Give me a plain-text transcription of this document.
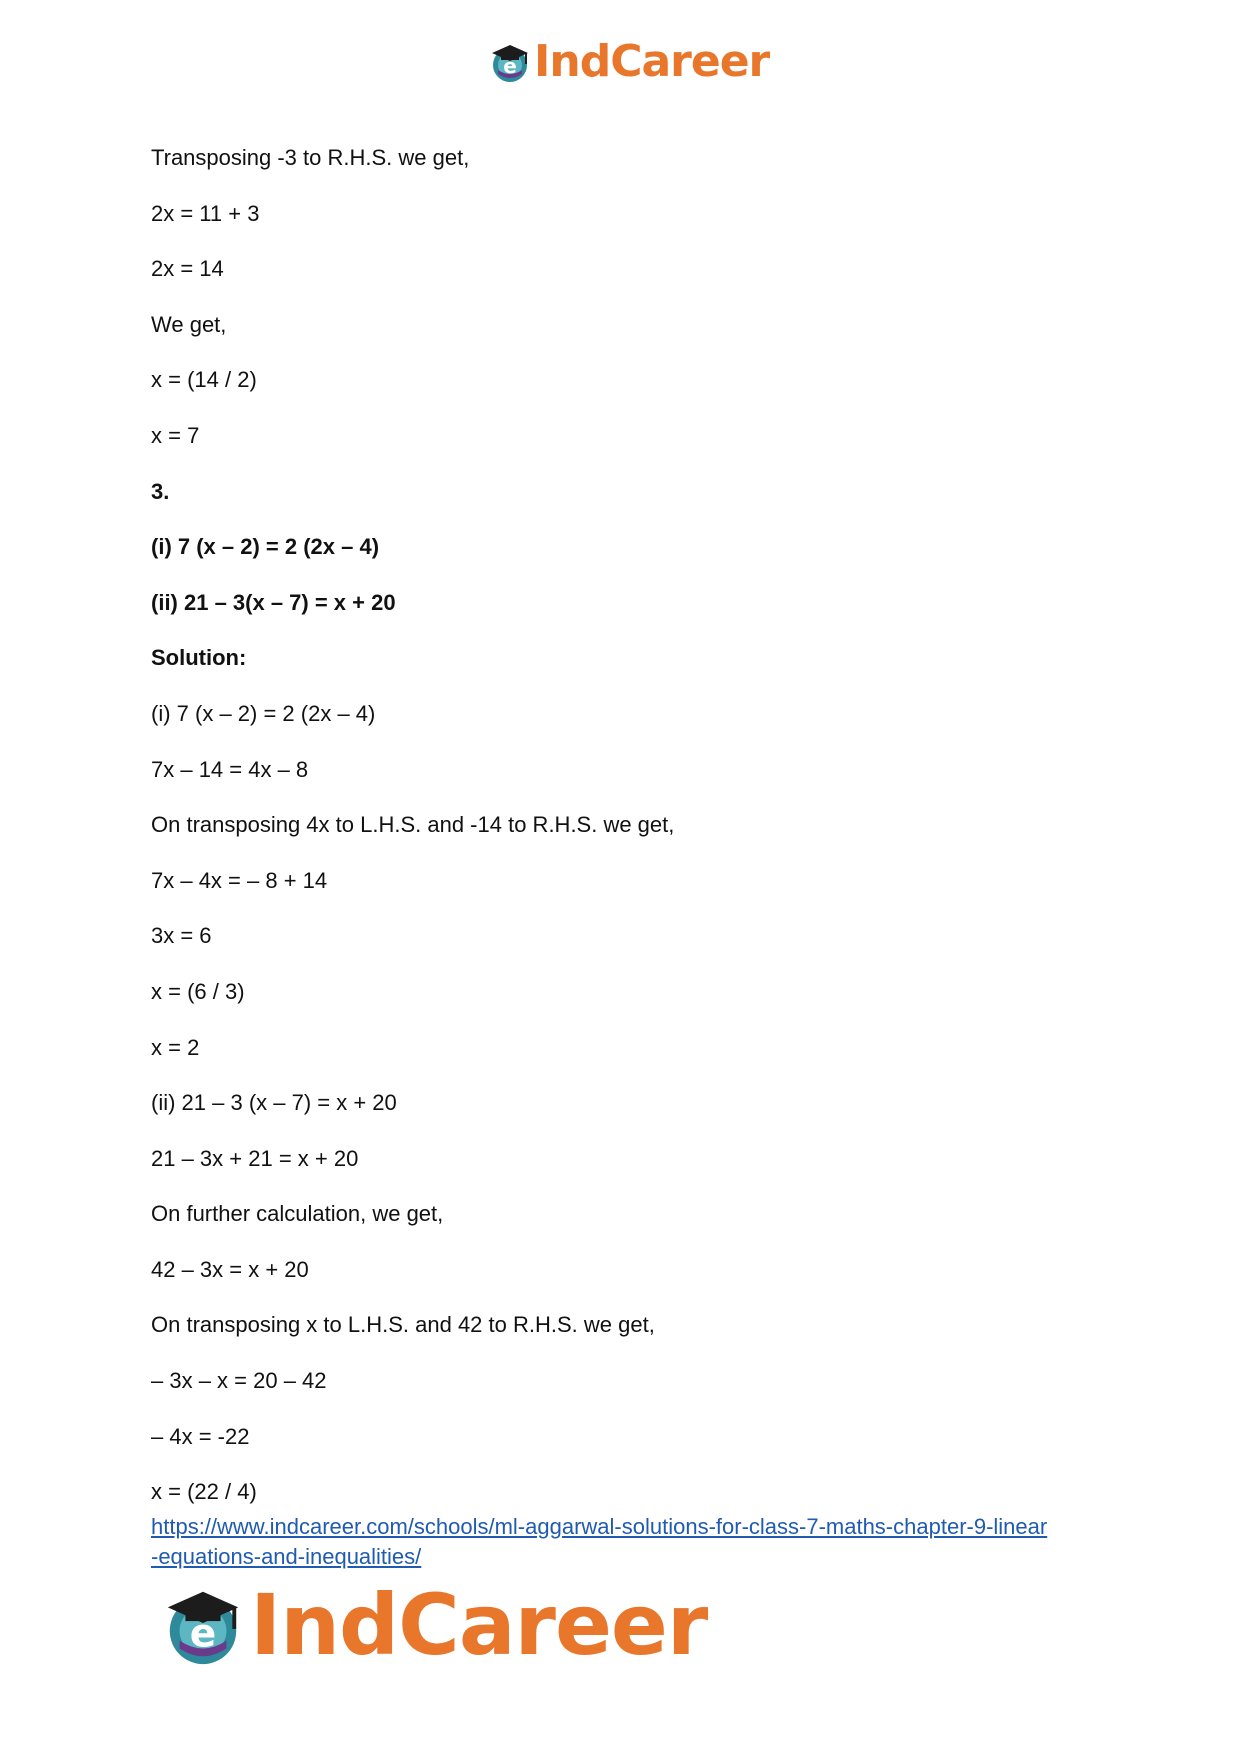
e IndCareer
Transposing -3 to R.H.S. we get,
2x = 11 + 3
2x = 14
We get,
x = (14 / 2)
x = 7
3.
(i) 7 (x – 2) = 2 (2x – 4)
(ii) 21 – 3(x – 7) = x + 20
Solution:
(i) 7 (x – 2) = 2 (2x – 4)
7x – 14 = 4x – 8
On transposing 4x to L.H.S. and -14 to R.H.S. we get,
7x – 4x = – 8 + 14
3x = 6
x = (6 / 3)
x = 2
(ii) 21 – 3 (x – 7) = x + 20
21 – 3x + 21 = x + 20
On further calculation, we get,
42 – 3x = x + 20
On transposing x to L.H.S. and 42 to R.H.S. we get,
– 3x – x = 20 – 42
– 4x = -22
x = (22 / 4)
https://www.indcareer.com/schools/ml-aggarwal-solutions-for-class-7-maths-chapter-9-linear
-equations-and-inequalities/
e IndCareer
